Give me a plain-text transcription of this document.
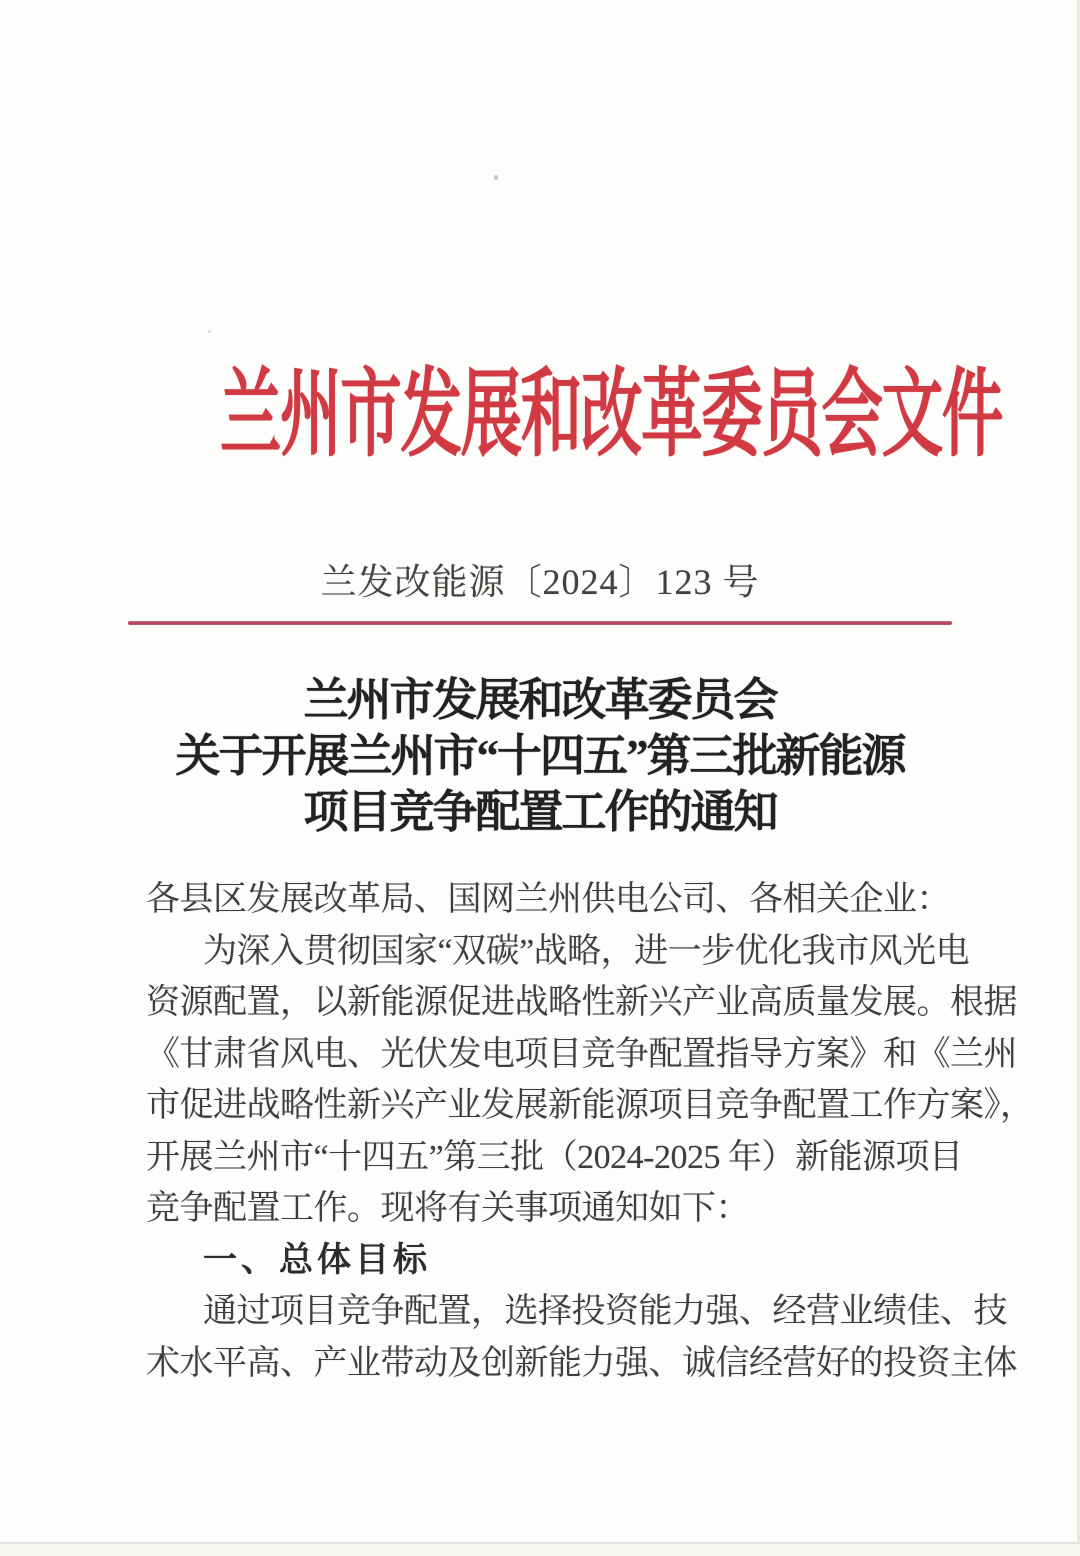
兰州市发展和改革委员会文件
兰发改能源〔2024〕123 号
兰州市发展和改革委员会
关于开展兰州市“十四五”第三批新能源
项目竞争配置工作的通知
各县区发展改革局、国网兰州供电公司、各相关企业：
为深入贯彻国家“双碳”战略，进一步优化我市风光电
资源配置，以新能源促进战略性新兴产业高质量发展。根据
《甘肃省风电、光伏发电项目竞争配置指导方案》和《兰州
市促进战略性新兴产业发展新能源项目竞争配置工作方案》，
开展兰州市“十四五”第三批（2024-2025 年）新能源项目
竞争配置工作。现将有关事项通知如下：
一、总体目标
通过项目竞争配置，选择投资能力强、经营业绩佳、技
术水平高、产业带动及创新能力强、诚信经营好的投资主体
